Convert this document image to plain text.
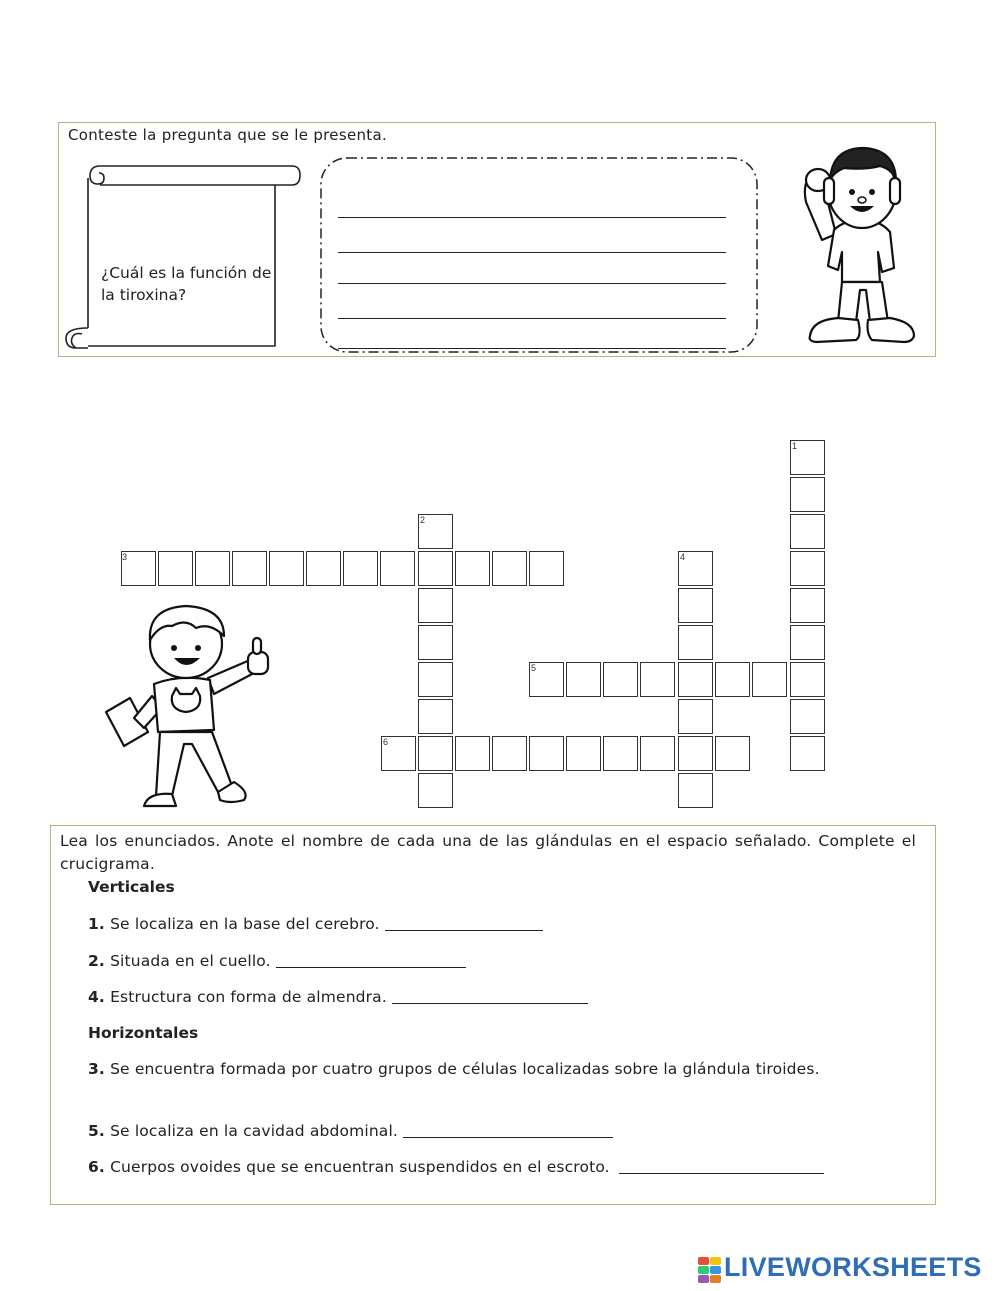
Conteste la pregunta que se le presenta.
¿Cuál es la función de la tiroxina?
1
2
3	4
5
6
Lea los enunciados. Anote el nombre de cada una de las glándulas en el espacio señalado. Complete el crucigrama.
Verticales
1. Se localiza en la base del cerebro.
2. Situada en el cuello.
4. Estructura con forma de almendra.
Horizontales
3. Se encuentra formada por cuatro grupos de células localizadas sobre la glándula tiroides.
5. Se localiza en la cavidad abdominal.
6. Cuerpos ovoides que se encuentran suspendidos en el escroto.
LIVEWORKSHEETS
